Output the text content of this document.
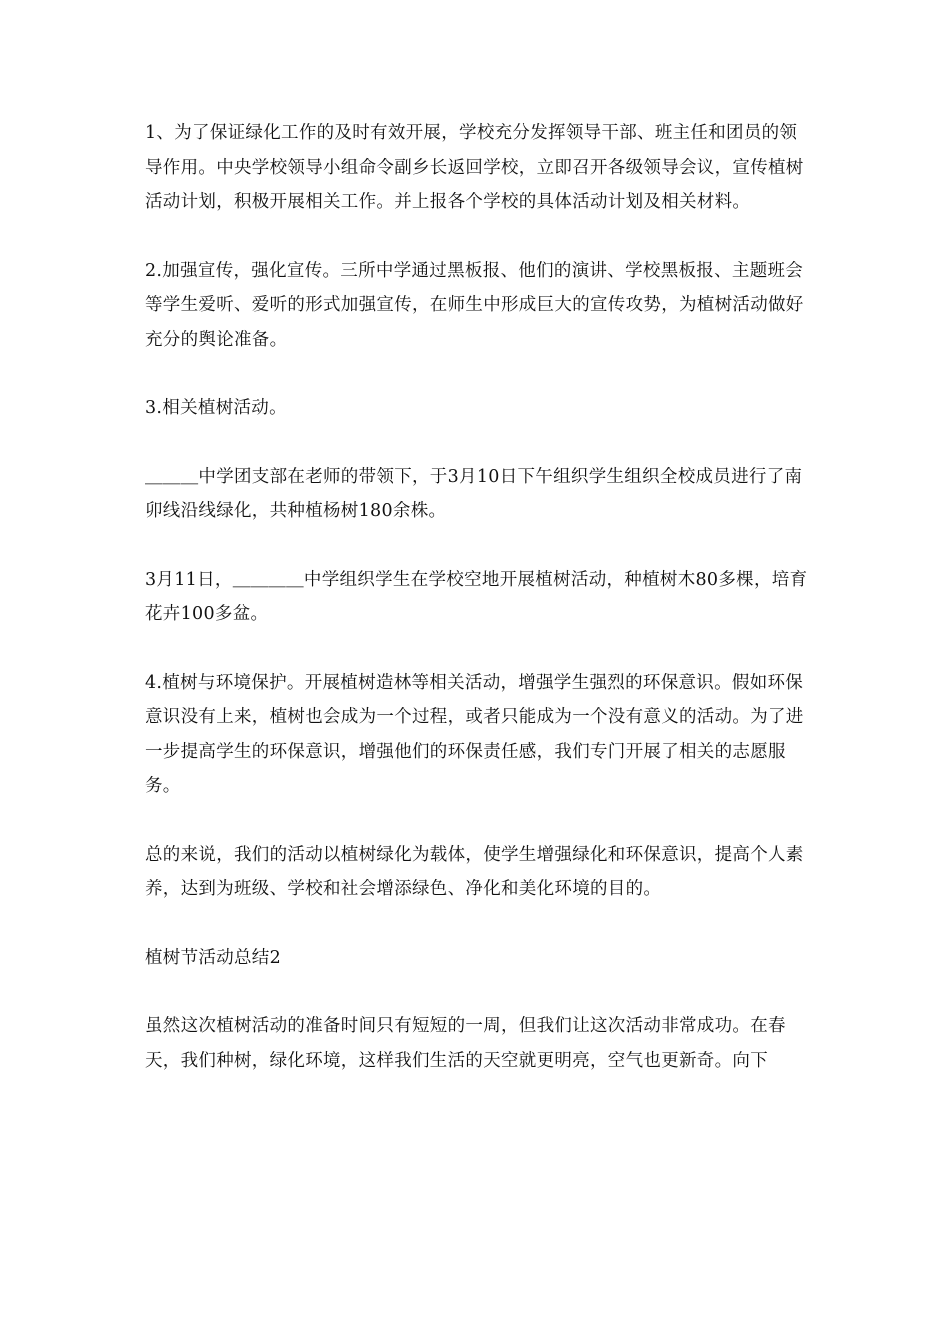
1、为了保证绿化工作的及时有效开展，学校充分发挥领导干部、班主任和团员的领导作用。中央学校领导小组命令副乡长返回学校，立即召开各级领导会议，宣传植树活动计划，积极开展相关工作。并上报各个学校的具体活动计划及相关材料。

2.加强宣传，强化宣传。三所中学通过黑板报、他们的演讲、学校黑板报、主题班会等学生爱听、爱听的形式加强宣传，在师生中形成巨大的宣传攻势，为植树活动做好充分的舆论准备。

3.相关植树活动。

＿＿＿中学团支部在老师的带领下，于3月10日下午组织学生组织全校成员进行了南卯线沿线绿化，共种植杨树180余株。

3月11日，＿＿＿＿中学组织学生在学校空地开展植树活动，种植树木80多棵，培育花卉100多盆。

4.植树与环境保护。开展植树造林等相关活动，增强学生强烈的环保意识。假如环保意识没有上来，植树也会成为一个过程，或者只能成为一个没有意义的活动。为了进一步提高学生的环保意识，增强他们的环保责任感，我们专门开展了相关的志愿服务。

总的来说，我们的活动以植树绿化为载体，使学生增强绿化和环保意识，提高个人素养，达到为班级、学校和社会增添绿色、净化和美化环境的目的。

植树节活动总结2

虽然这次植树活动的准备时间只有短短的一周，但我们让这次活动非常成功。在春天，我们种树，绿化环境，这样我们生活的天空就更明亮，空气也更新奇。向下
